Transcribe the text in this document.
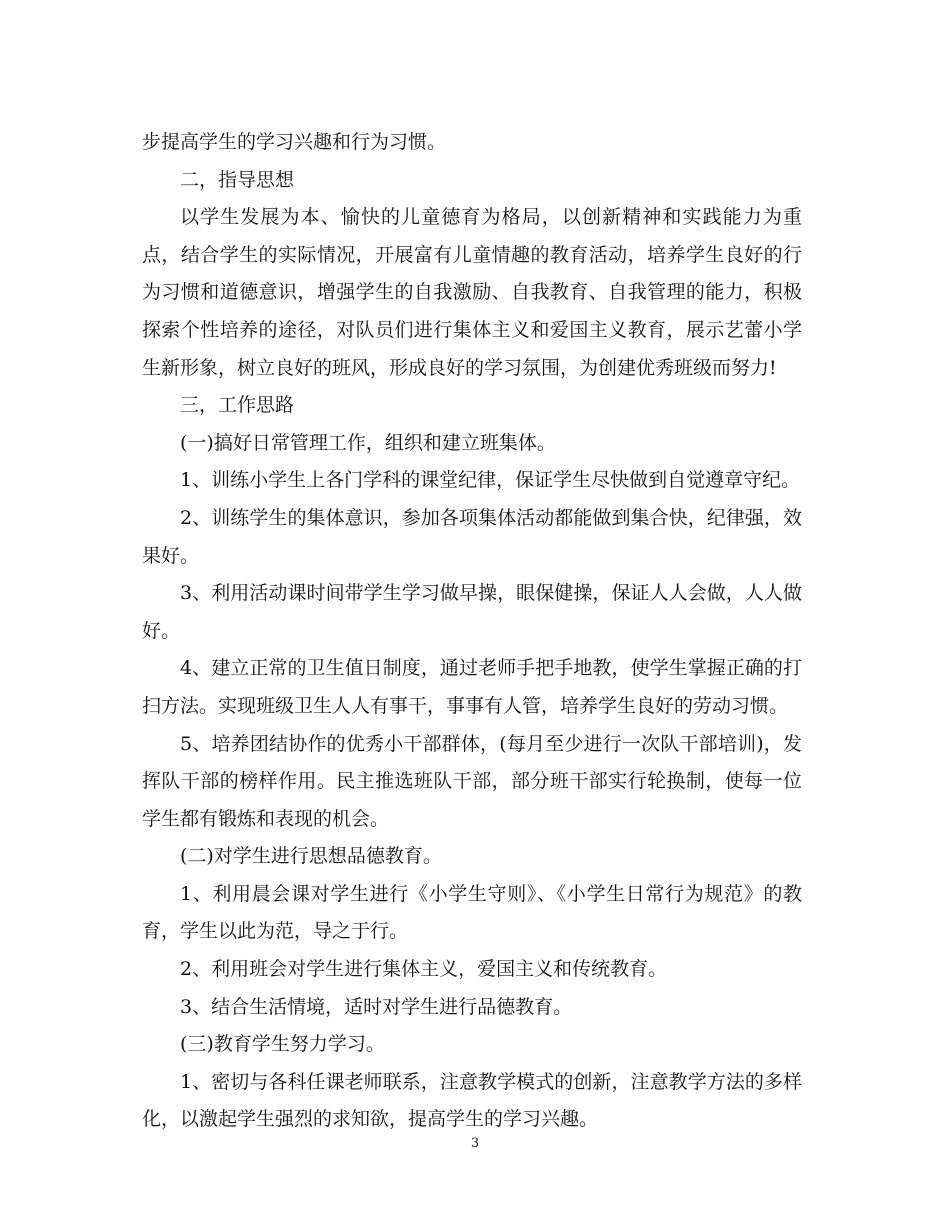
步提高学生的学习兴趣和行为习惯。

二，指导思想

以学生发展为本、愉快的儿童德育为格局，以创新精神和实践能力为重点，结合学生的实际情况，开展富有儿童情趣的教育活动，培养学生良好的行为习惯和道德意识，增强学生的自我激励、自我教育、自我管理的能力，积极探索个性培养的途径，对队员们进行集体主义和爱国主义教育，展示艺蕾小学生新形象，树立良好的班风，形成良好的学习氛围，为创建优秀班级而努力!

三，工作思路

(一)搞好日常管理工作，组织和建立班集体。

1、训练小学生上各门学科的课堂纪律，保证学生尽快做到自觉遵章守纪。

2、训练学生的集体意识，参加各项集体活动都能做到集合快，纪律强，效果好。

3、利用活动课时间带学生学习做早操，眼保健操，保证人人会做，人人做好。

4、建立正常的卫生值日制度，通过老师手把手地教，使学生掌握正确的打扫方法。实现班级卫生人人有事干，事事有人管，培养学生良好的劳动习惯。

5、培养团结协作的优秀小干部群体，(每月至少进行一次队干部培训)，发挥队干部的榜样作用。民主推选班队干部，部分班干部实行轮换制，使每一位学生都有锻炼和表现的机会。

(二)对学生进行思想品德教育。

1、利用晨会课对学生进行《小学生守则》、《小学生日常行为规范》的教育，学生以此为范，导之于行。

2、利用班会对学生进行集体主义，爱国主义和传统教育。

3、结合生活情境，适时对学生进行品德教育。

(三)教育学生努力学习。

1、密切与各科任课老师联系，注意教学模式的创新，注意教学方法的多样化，以激起学生强烈的求知欲，提高学生的学习兴趣。

3
